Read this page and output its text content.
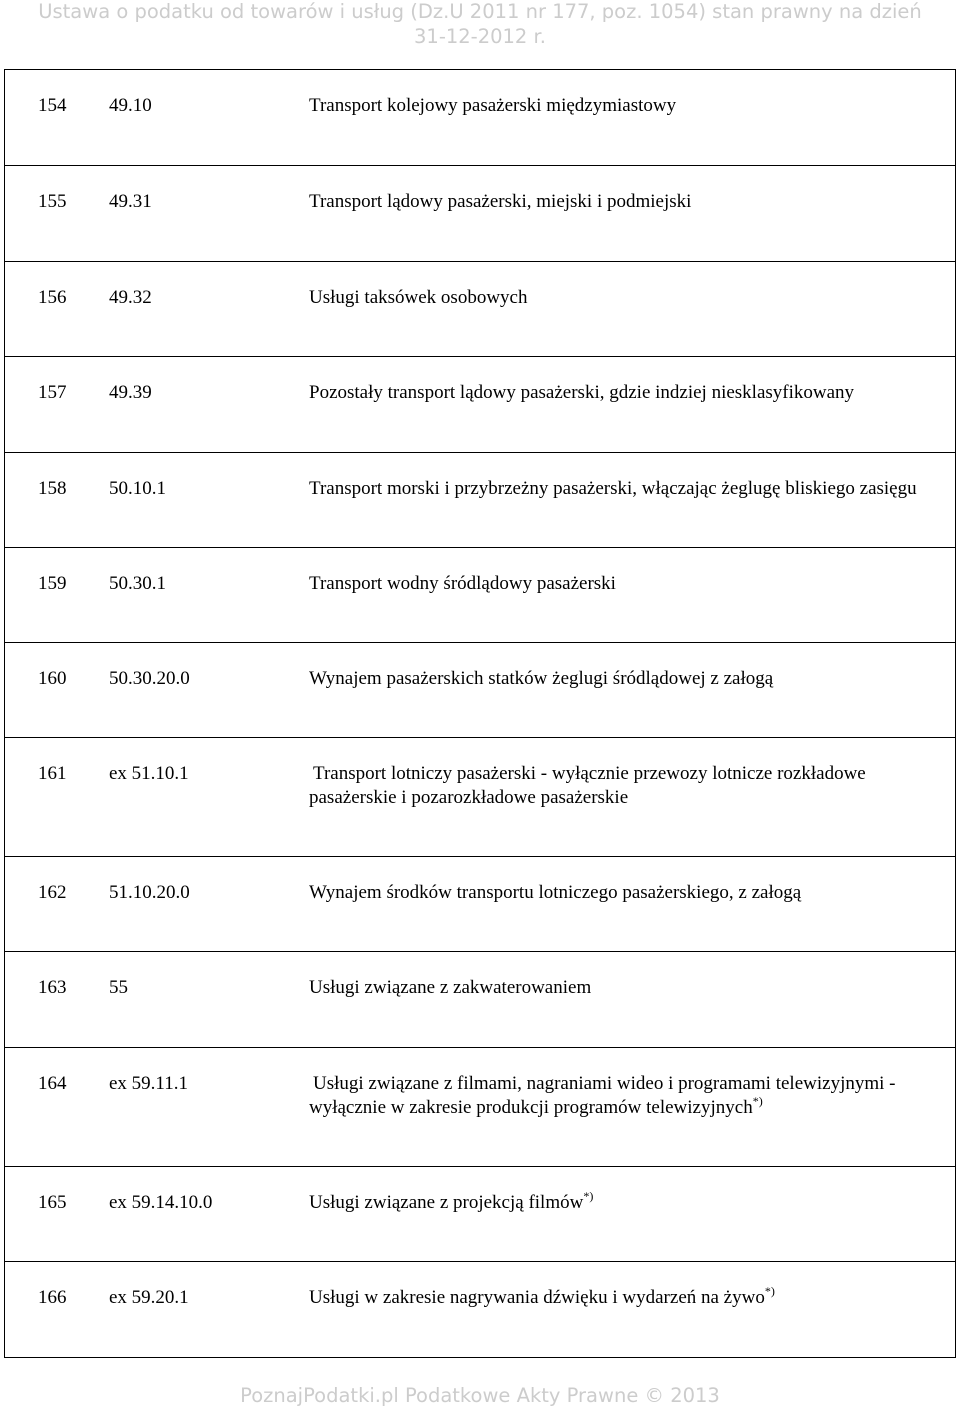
Ustawa o podatku od towarów i usług (Dz.U 2011 nr 177, poz. 1054) stan prawny na dzień
31-12-2012 r.
154 49.10	Transport kolejowy pasażerski międzymiastowy
155 49.31	Transport lądowy pasażerski, miejski i podmiejski
156 49.32	Usługi taksówek osobowych
157 49.39	Pozostały transport lądowy pasażerski, gdzie indziej niesklasyfikowany
158 50.10.1	Transport morski i przybrzeżny pasażerski, włączając żeglugę bliskiego zasięgu
159 50.30.1	Transport wodny śródlądowy pasażerski
160 50.30.20.0	Wynajem pasażerskich statków żeglugi śródlądowej z załogą
161 ex 51.10.1	Transport lotniczy pasażerski - wyłącznie przewozy lotnicze rozkładowe
pasażerskie i pozarozkładowe pasażerskie
162 51.10.20.0	Wynajem środków transportu lotniczego pasażerskiego, z załogą
163 55	Usługi związane z zakwaterowaniem
164 ex 59.11.1	Usługi związane z filmami, nagraniami wideo i programami telewizyjnymi -
wyłącznie w zakresie produkcji programów telewizyjnych*)
165 ex 59.14.10.0	Usługi związane z projekcją filmów*)
166 ex 59.20.1	Usługi w zakresie nagrywania dźwięku i wydarzeń na żywo*)
PoznajPodatki.pl Podatkowe Akty Prawne © 2013
